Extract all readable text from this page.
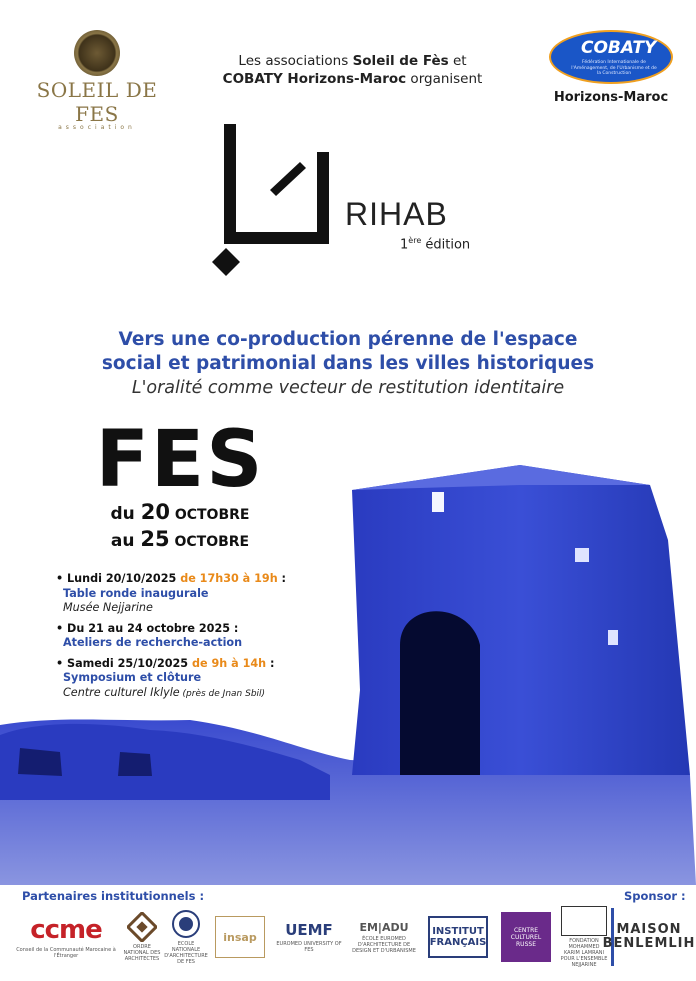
SOLEIL DE FES
association
Les associations Soleil de Fès et
COBATY Horizons-Maroc organisent
COBATY
Fédération Internationale de l'Aménagement, de l'Urbanisme et de la Construction
Horizons-Maroc
RIHAB
1ère édition
Vers une co-production pérenne de l'espace
social et patrimonial dans les villes historiques
L'oralité comme vecteur de restitution identitaire
FES
du 20 OCTOBRE
au 25 OCTOBRE
• Lundi 20/10/2025 de 17h30 à 19h :
Table ronde inaugurale
Musée Nejjarine
• Du 21 au 24 octobre 2025 :
Ateliers de recherche-action
• Samedi 25/10/2025 de 9h à 14h :
Symposium et clôture
Centre culturel Iklyle (près de Jnan Sbil)
Partenaires institutionnels :	Sponsor :
ccme
Conseil de la Communauté Marocaine à l'Étranger
ORDRE NATIONAL DES ARCHITECTES
ECOLE NATIONALE D'ARCHITECTURE DE FES
insap	UEMF
EUROMED UNIVERSITY OF FES
EM|ADU
ÉCOLE EUROMED D'ARCHITECTURE DE DESIGN ET D'URBANISME
INSTITUT FRANÇAIS
CENTRE CULTUREL RUSSE	FONDATION MOHAMMED KARIM LAMRANI POUR L'ENSEMBLE NEJJARINE
MAISON
BENLEMLIH
